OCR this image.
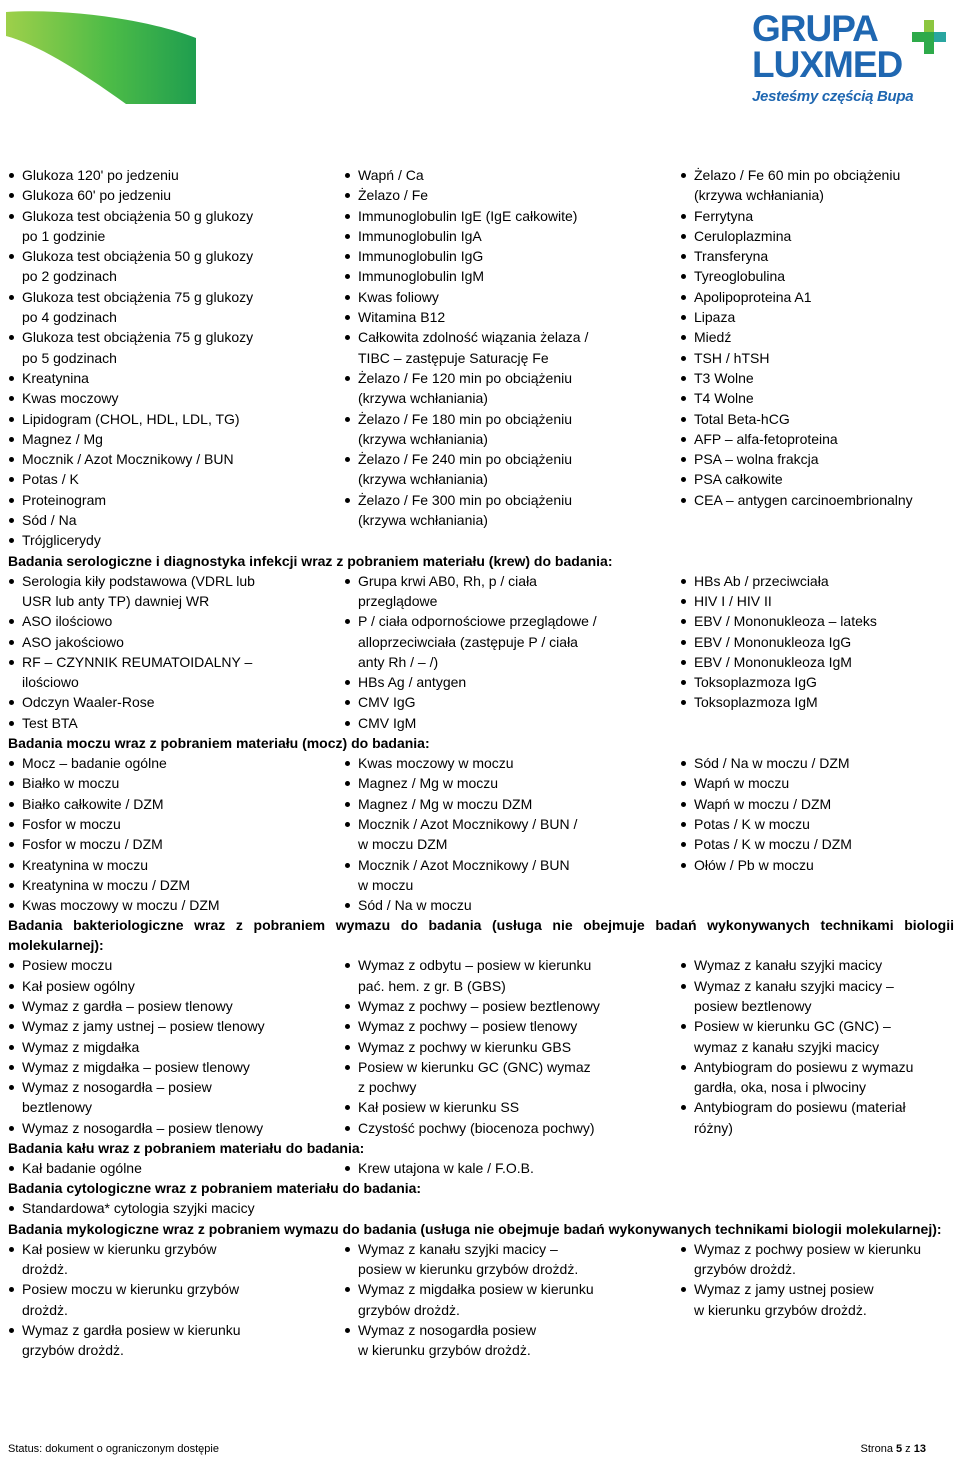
GRUPA
LUXMED
Jesteśmy częścią Bupa
Glukoza 120' po jedzeniu
Glukoza 60' po jedzeniu
Glukoza test obciążenia 50 g glukozy
po 1 godzinie
Glukoza test obciążenia 50 g glukozy
po 2 godzinach
Glukoza test obciążenia 75 g glukozy
po 4 godzinach
Glukoza test obciążenia 75 g glukozy
po 5 godzinach
Kreatynina
Kwas moczowy
Lipidogram (CHOL, HDL, LDL, TG)
Magnez / Mg
Mocznik / Azot Mocznikowy / BUN
Potas / K
Proteinogram
Sód / Na
Trójglicerydy
Wapń / Ca
Żelazo / Fe
Immunoglobulin IgE (IgE całkowite)
Immunoglobulin IgA
Immunoglobulin IgG
Immunoglobulin IgM
Kwas foliowy
Witamina B12
Całkowita zdolność wiązania żelaza /
TIBC – zastępuje Saturację Fe
Żelazo / Fe 120 min po obciążeniu
(krzywa wchłaniania)
Żelazo / Fe 180 min po obciążeniu
(krzywa wchłaniania)
Żelazo / Fe 240 min po obciążeniu
(krzywa wchłaniania)
Żelazo / Fe 300 min po obciążeniu
(krzywa wchłaniania)
Żelazo / Fe 60 min po obciążeniu
(krzywa wchłaniania)
Ferrytyna
Ceruloplazmina
Transferyna
Tyreoglobulina
Apolipoproteina A1
Lipaza
Miedź
TSH / hTSH
T3 Wolne
T4 Wolne
Total Beta-hCG
AFP – alfa-fetoproteina
PSA – wolna frakcja
PSA całkowite
CEA – antygen carcinoembrionalny
Badania serologiczne i diagnostyka infekcji wraz z pobraniem materiału (krew) do badania:
Serologia kiły podstawowa (VDRL lub
USR lub anty TP) dawniej WR
ASO ilościowo
ASO jakościowo
RF – CZYNNIK REUMATOIDALNY –
ilościowo
Odczyn Waaler-Rose
Test BTA
Grupa krwi AB0, Rh, p / ciała
przeglądowe
P / ciała odpornościowe przeglądowe /
alloprzeciwciała (zastępuje P / ciała
anty Rh / – /)
HBs Ag / antygen
CMV IgG
CMV IgM
HBs Ab / przeciwciała
HIV I / HIV II
EBV / Mononukleoza – lateks
EBV / Mononukleoza IgG
EBV / Mononukleoza IgM
Toksoplazmoza IgG
Toksoplazmoza IgM
Badania moczu wraz z pobraniem materiału (mocz) do badania:
Mocz – badanie ogólne
Białko w moczu
Białko całkowite / DZM
Fosfor w moczu
Fosfor w moczu / DZM
Kreatynina w moczu
Kreatynina w moczu / DZM
Kwas moczowy w moczu / DZM
Kwas moczowy w moczu
Magnez / Mg w moczu
Magnez / Mg w moczu DZM
Mocznik / Azot Mocznikowy / BUN /
w moczu DZM
Mocznik / Azot Mocznikowy / BUN
w moczu
Sód / Na w moczu
Sód / Na w moczu / DZM
Wapń w moczu
Wapń w moczu / DZM
Potas / K w moczu
Potas / K w moczu / DZM
Ołów / Pb w moczu
Badania bakteriologiczne wraz z pobraniem wymazu do badania (usługa nie obejmuje badań wykonywanych technikami biologii molekularnej):
Posiew moczu
Kał posiew ogólny
Wymaz z gardła – posiew tlenowy
Wymaz z jamy ustnej – posiew tlenowy
Wymaz z migdałka
Wymaz z migdałka – posiew tlenowy
Wymaz z nosogardła – posiew
beztlenowy
Wymaz z nosogardła – posiew tlenowy
Wymaz z odbytu – posiew w kierunku
pać. hem. z gr. B (GBS)
Wymaz z pochwy – posiew beztlenowy
Wymaz z pochwy – posiew tlenowy
Wymaz z pochwy w kierunku GBS
Posiew w kierunku GC (GNC) wymaz
z pochwy
Kał posiew w kierunku SS
Czystość pochwy (biocenoza pochwy)
Wymaz z kanału szyjki macicy
Wymaz z kanału szyjki macicy –
posiew beztlenowy
Posiew w kierunku GC (GNC) –
wymaz z kanału szyjki macicy
Antybiogram do posiewu z wymazu
gardła, oka, nosa i plwociny
Antybiogram do posiewu (materiał
różny)
Badania kału wraz z pobraniem materiału do badania:
Kał badanie ogólne	Krew utajona w kale / F.O.B.
Badania cytologiczne wraz z pobraniem materiału do badania:
Standardowa* cytologia szyjki macicy
Badania mykologiczne wraz z pobraniem wymazu do badania (usługa nie obejmuje badań wykonywanych technikami biologii molekularnej):
Kał posiew w kierunku grzybów
drożdż.
Posiew moczu w kierunku grzybów
drożdż.
Wymaz z gardła posiew w kierunku
grzybów drożdż.
Wymaz z kanału szyjki macicy –
posiew w kierunku grzybów drożdż.
Wymaz z migdałka posiew w kierunku
grzybów drożdż.
Wymaz z nosogardła posiew
w kierunku grzybów drożdż.
Wymaz z pochwy posiew w kierunku
grzybów drożdż.
Wymaz z jamy ustnej posiew
w kierunku grzybów drożdż.
Status: dokument o ograniczonym dostępie	Strona 5 z 13
